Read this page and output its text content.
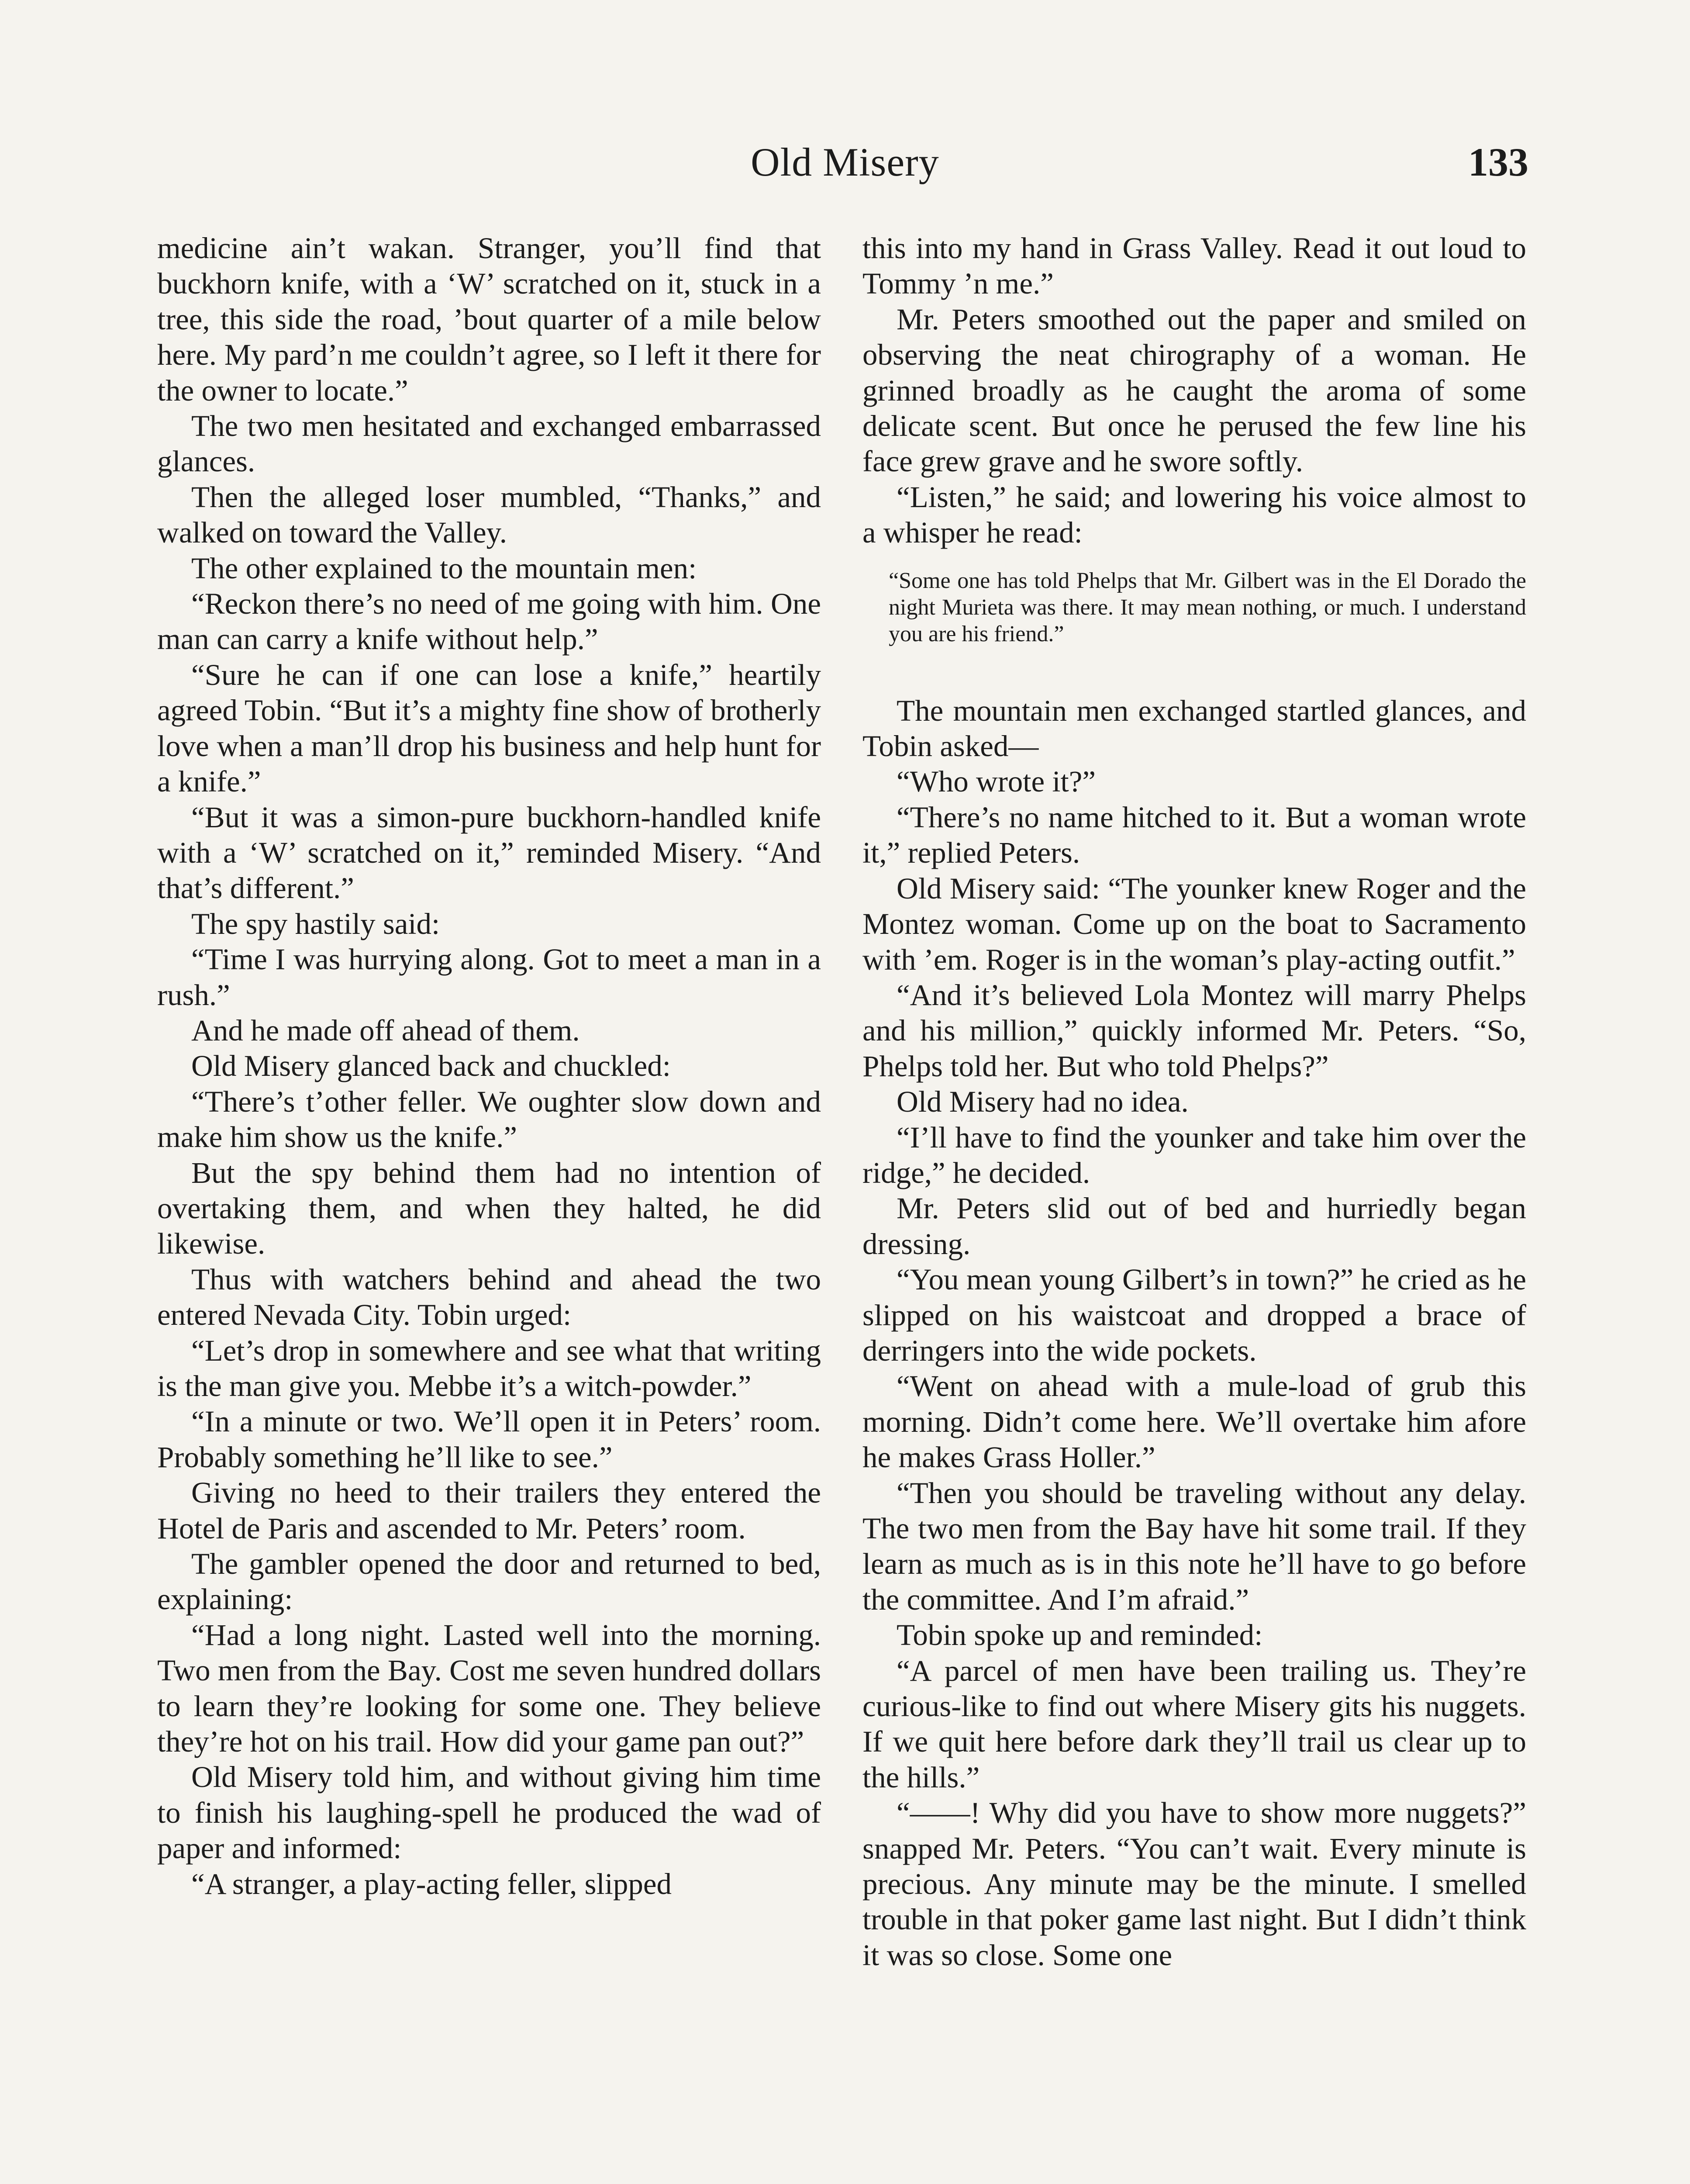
Old Misery	133

medicine ain’t wakan. Stranger, you’ll find that buckhorn knife, with a ‘W’ scratched on it, stuck in a tree, this side the road, ’bout quarter of a mile below here. My pard’n me couldn’t agree, so I left it there for the owner to locate.”

The two men hesitated and exchanged embarrassed glances.

Then the alleged loser mumbled, “Thanks,” and walked on toward the Valley.

The other explained to the mountain men:

“Reckon there’s no need of me going with him. One man can carry a knife without help.”

“Sure he can if one can lose a knife,” heartily agreed Tobin. “But it’s a mighty fine show of brotherly love when a man’ll drop his business and help hunt for a knife.”

“But it was a simon-pure buckhorn-handled knife with a ‘W’ scratched on it,” reminded Misery. “And that’s different.”

The spy hastily said:

“Time I was hurrying along. Got to meet a man in a rush.”

And he made off ahead of them.

Old Misery glanced back and chuckled:

“There’s t’other feller. We oughter slow down and make him show us the knife.”

But the spy behind them had no intention of overtaking them, and when they halted, he did likewise.

Thus with watchers behind and ahead the two entered Nevada City. Tobin urged:

“Let’s drop in somewhere and see what that writing is the man give you. Mebbe it’s a witch-powder.”

“In a minute or two. We’ll open it in Peters’ room. Probably something he’ll like to see.”

Giving no heed to their trailers they entered the Hotel de Paris and ascended to Mr. Peters’ room.

The gambler opened the door and returned to bed, explaining:

“Had a long night. Lasted well into the morning. Two men from the Bay. Cost me seven hundred dollars to learn they’re looking for some one. They believe they’re hot on his trail. How did your game pan out?”

Old Misery told him, and without giving him time to finish his laughing-spell he produced the wad of paper and informed:

“A stranger, a play-acting feller, slipped

this into my hand in Grass Valley. Read it out loud to Tommy ’n me.”

Mr. Peters smoothed out the paper and smiled on observing the neat chirography of a woman. He grinned broadly as he caught the aroma of some delicate scent. But once he perused the few line his face grew grave and he swore softly.

“Listen,” he said; and lowering his voice almost to a whisper he read:

“Some one has told Phelps that Mr. Gilbert was in the El Dorado the night Murieta was there. It may mean nothing, or much. I understand you are his friend.”

The mountain men exchanged startled glances, and Tobin asked—

“Who wrote it?”

“There’s no name hitched to it. But a woman wrote it,” replied Peters.

Old Misery said: “The younker knew Roger and the Montez woman. Come up on the boat to Sacramento with ’em. Roger is in the woman’s play-acting outfit.”

“And it’s believed Lola Montez will marry Phelps and his million,” quickly informed Mr. Peters. “So, Phelps told her. But who told Phelps?”

Old Misery had no idea.

“I’ll have to find the younker and take him over the ridge,” he decided.

Mr. Peters slid out of bed and hurriedly began dressing.

“You mean young Gilbert’s in town?” he cried as he slipped on his waistcoat and dropped a brace of derringers into the wide pockets.

“Went on ahead with a mule-load of grub this morning. Didn’t come here. We’ll overtake him afore he makes Grass Holler.”

“Then you should be traveling without any delay. The two men from the Bay have hit some trail. If they learn as much as is in this note he’ll have to go before the committee. And I’m afraid.”

Tobin spoke up and reminded:

“A parcel of men have been trailing us. They’re curious-like to find out where Misery gits his nuggets. If we quit here before dark they’ll trail us clear up to the hills.”

“——! Why did you have to show more nuggets?” snapped Mr. Peters. “You can’t wait. Every minute is precious. Any minute may be the minute. I smelled trouble in that poker game last night. But I didn’t think it was so close. Some one
